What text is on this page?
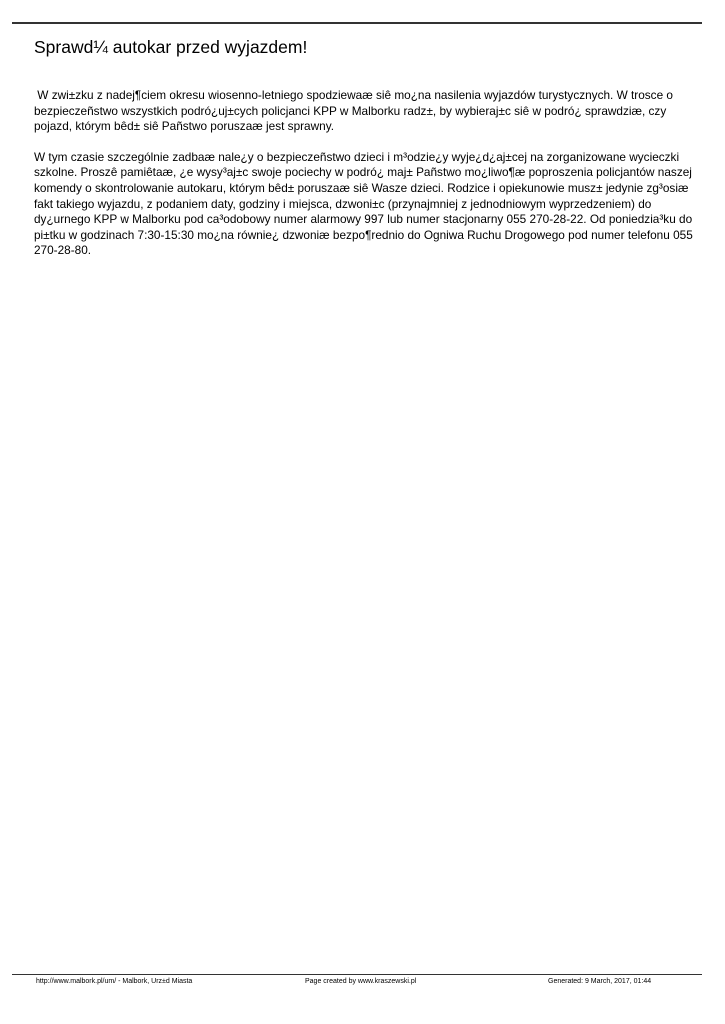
Sprawd¼ autokar przed wyjazdem!

W zwi±zku z nadej¶ciem okresu wiosenno-letniego spodziewaæ siê mo¿na nasilenia wyjazdów turystycznych. W trosce o bezpieczeñstwo wszystkich podró¿uj±cych policjanci KPP w Malborku radz±, by wybieraj±c siê w podró¿ sprawdziæ, czy pojazd, którym bêd± siê Pañstwo poruszaæ jest sprawny.

W tym czasie szczególnie zadbaæ nale¿y o bezpieczeñstwo dzieci i m³odzie¿y wyje¿d¿aj±cej na zorganizowane wycieczki szkolne. Proszê pamiêtaæ, ¿e wysy³aj±c swoje pociechy w podró¿ maj± Pañstwo mo¿liwo¶æ poproszenia policjantów naszej komendy o skontrolowanie autokaru, którym bêd± poruszaæ siê Wasze dzieci. Rodzice i opiekunowie musz± jedynie zg³osiæ fakt takiego wyjazdu, z podaniem daty, godziny i miejsca, dzwoni±c (przynajmniej z jednodniowym wyprzedzeniem) do dy¿urnego KPP w Malborku pod ca³odobowy numer alarmowy 997 lub numer stacjonarny 055 270-28-22. Od poniedzia³ku do pi±tku w godzinach 7:30-15:30 mo¿na równie¿ dzwoniæ bezpo¶rednio do Ogniwa Ruchu Drogowego pod numer telefonu 055 270-28-80.

http://www.malbork.pl/um/ - Malbork, Urz±d Miasta	Page created by www.kraszewski.pl	Generated: 9 March, 2017, 01:44
